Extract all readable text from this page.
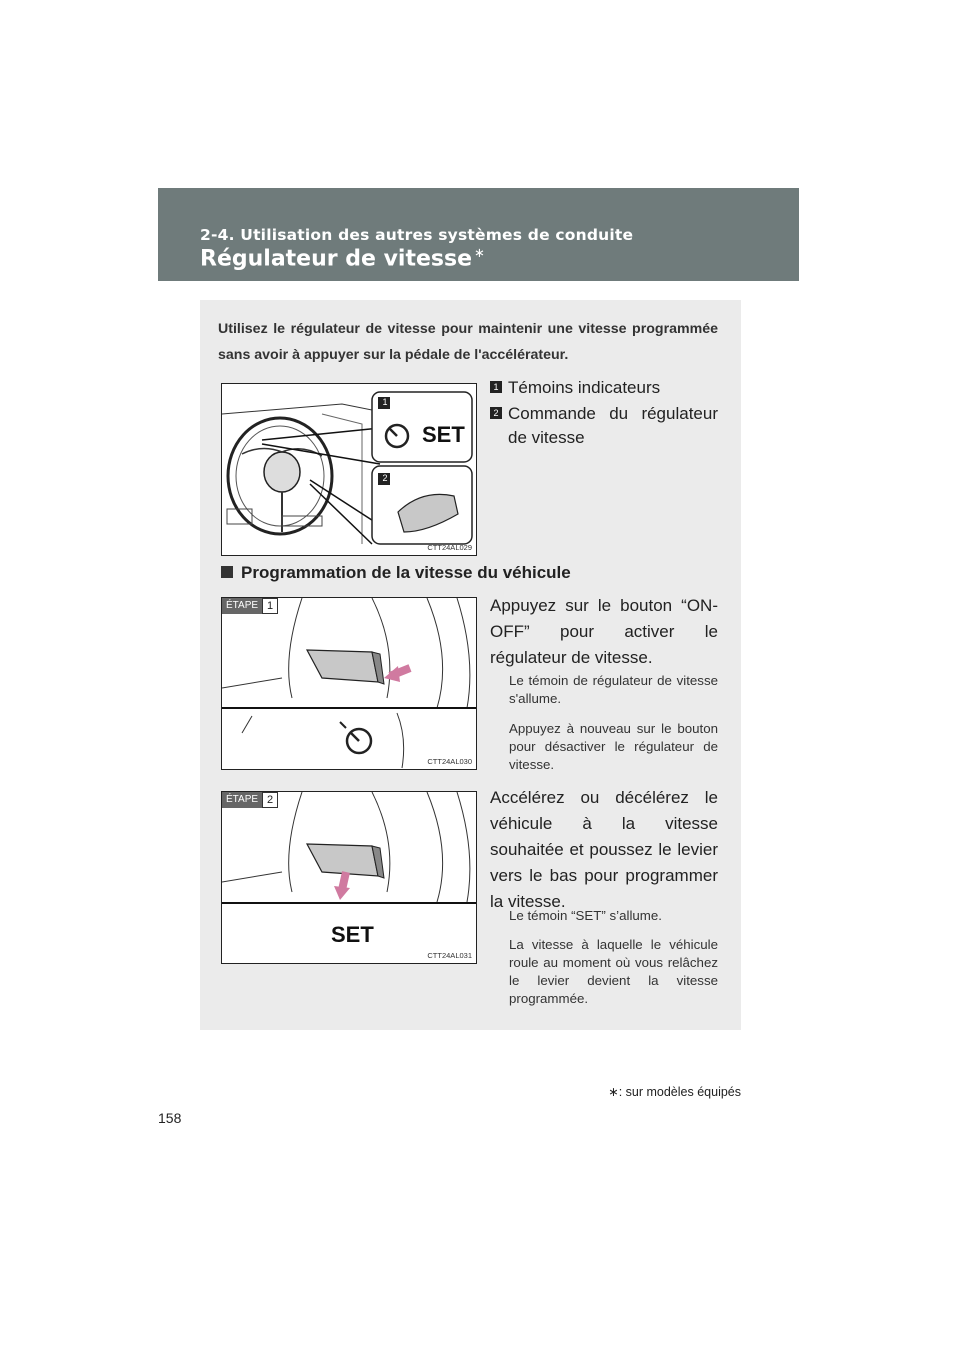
2-4. Utilisation des autres systèmes de conduite
Régulateur de vitesse ∗
Utilisez le régulateur de vitesse pour maintenir une vitesse programmée sans avoir à appuyer sur la pédale de l'accélérateur.
1
2
SET
CTT24AL029
1 Témoins indicateurs
2 Commande du régulateur de vitesse
Programmation de la vitesse du véhicule
ÉTAPE 1
CTT24AL030
Appuyez sur le bouton “ON-OFF” pour activer le régulateur de vitesse.
Le témoin de régulateur de vitesse s'allume.
Appuyez à nouveau sur le bouton pour désactiver le régulateur de vitesse.
ÉTAPE 2
SET
CTT24AL031
Accélérez ou décélérez le véhicule à la vitesse souhaitée et poussez le levier vers le bas pour programmer la vitesse.
Le témoin “SET” s’allume.
La vitesse à laquelle le véhicule roule au moment où vous relâchez le levier devient la vitesse programmée.
∗: sur modèles équipés
158
